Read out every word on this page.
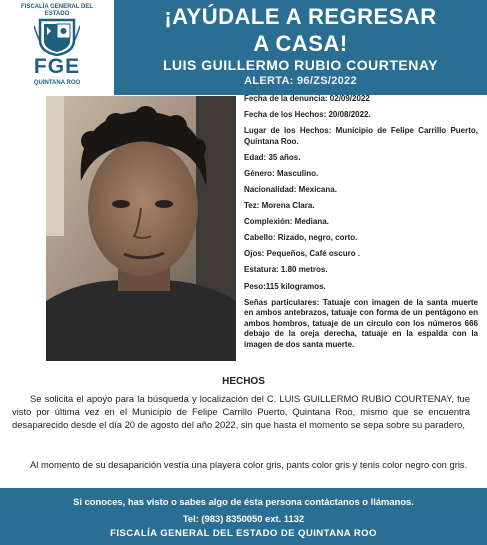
FISCALÍA GENERAL DEL ESTADO
FGE
QUINTANA ROO
¡AYÚDALE A REGRESAR
A CASA!
LUIS GUILLERMO RUBIO COURTENAY
ALERTA: 96/ZS/2022
Fecha de la denuncia: 02/09/2022
Fecha de los Hechos: 20/08/2022.
Lugar de los Hechos: Municipio de Felipe Carrillo Puerto, Quintana Roo.
Edad: 35 años.
Género: Masculino.
Nacionalidad: Mexicana.
Tez: Morena Clara.
Complexión: Mediana.
Cabello: Rizado, negro, corto.
Ojos: Pequeños, Café oscuro .
Estatura: 1.80 metros.
Peso:115 kilogramos.
Señas particulares: Tatuaje con imagen de la santa muerte en ambos antebrazos, tatuaje con forma de un pentágono en ambos hombros, tatuaje de un círculo con los números 666 debajo de la oreja derecha, tatuaje en la espalda con la imagen de dos santa muerte.
HECHOS
Se solicita el apoyo para la búsqueda y localización del C. LUIS GUILLERMO RUBIO COURTENAY, fue visto por última vez en el Municipio de Felipe Carrillo Puerto, Quintana Roo, mismo que se encuentra desaparecido desde el día 20 de agosto del año 2022, sin que hasta el momento se sepa sobre su paradero,
Al momento de su desaparición vestía una playera color gris, pants color gris y tenis color negro con gris.
Si conoces, has visto o sabes algo de ésta persona contáctanos o llámanos.
Tel: (983) 8350050 ext. 1132
FISCALÍA GENERAL DEL ESTADO DE QUINTANA ROO
